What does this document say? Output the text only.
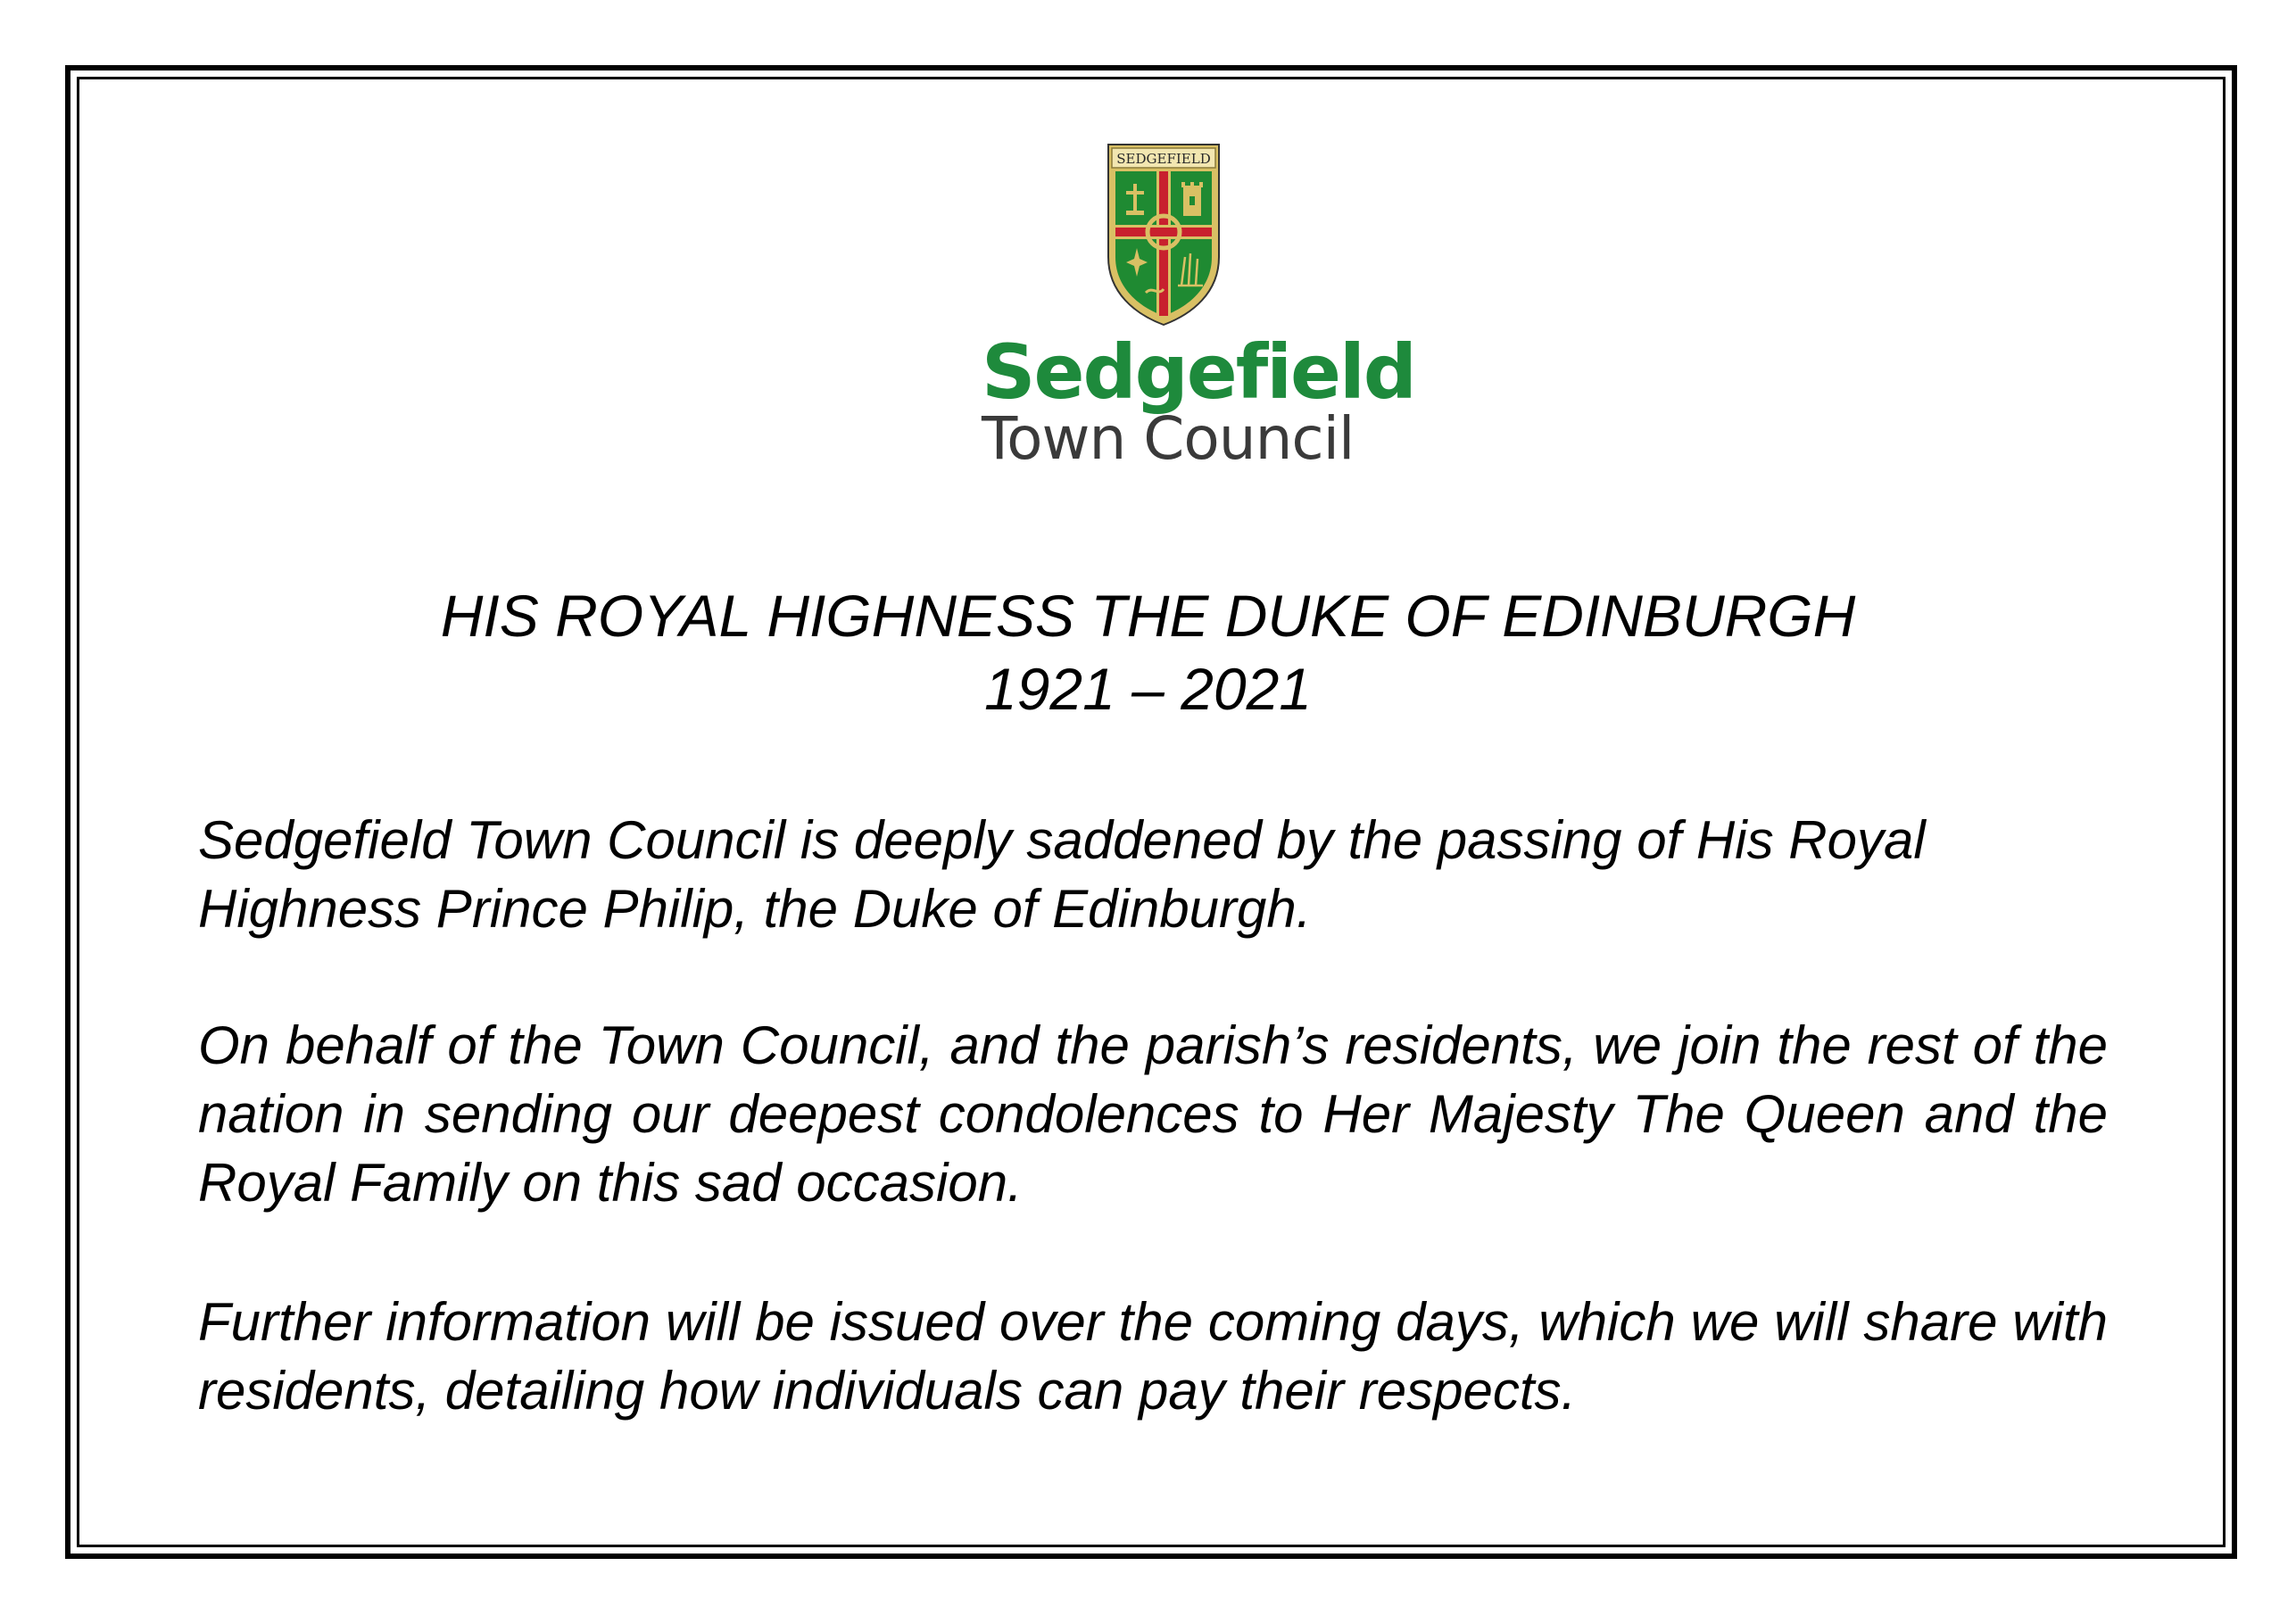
SEDGEFIELD
Sedgefield
Town Council
HIS ROYAL HIGHNESS THE DUKE OF EDINBURGH
1921 – 2021

Sedgefield Town Council is deeply saddened by the passing of His Royal Highness Prince Philip, the Duke of Edinburgh.

On behalf of the Town Council, and the parish’s residents, we join the rest of the nation in sending our deepest condolences to Her Majesty The Queen and the Royal Family on this sad occasion.

Further information will be issued over the coming days, which we will share with residents, detailing how individuals can pay their respects.
